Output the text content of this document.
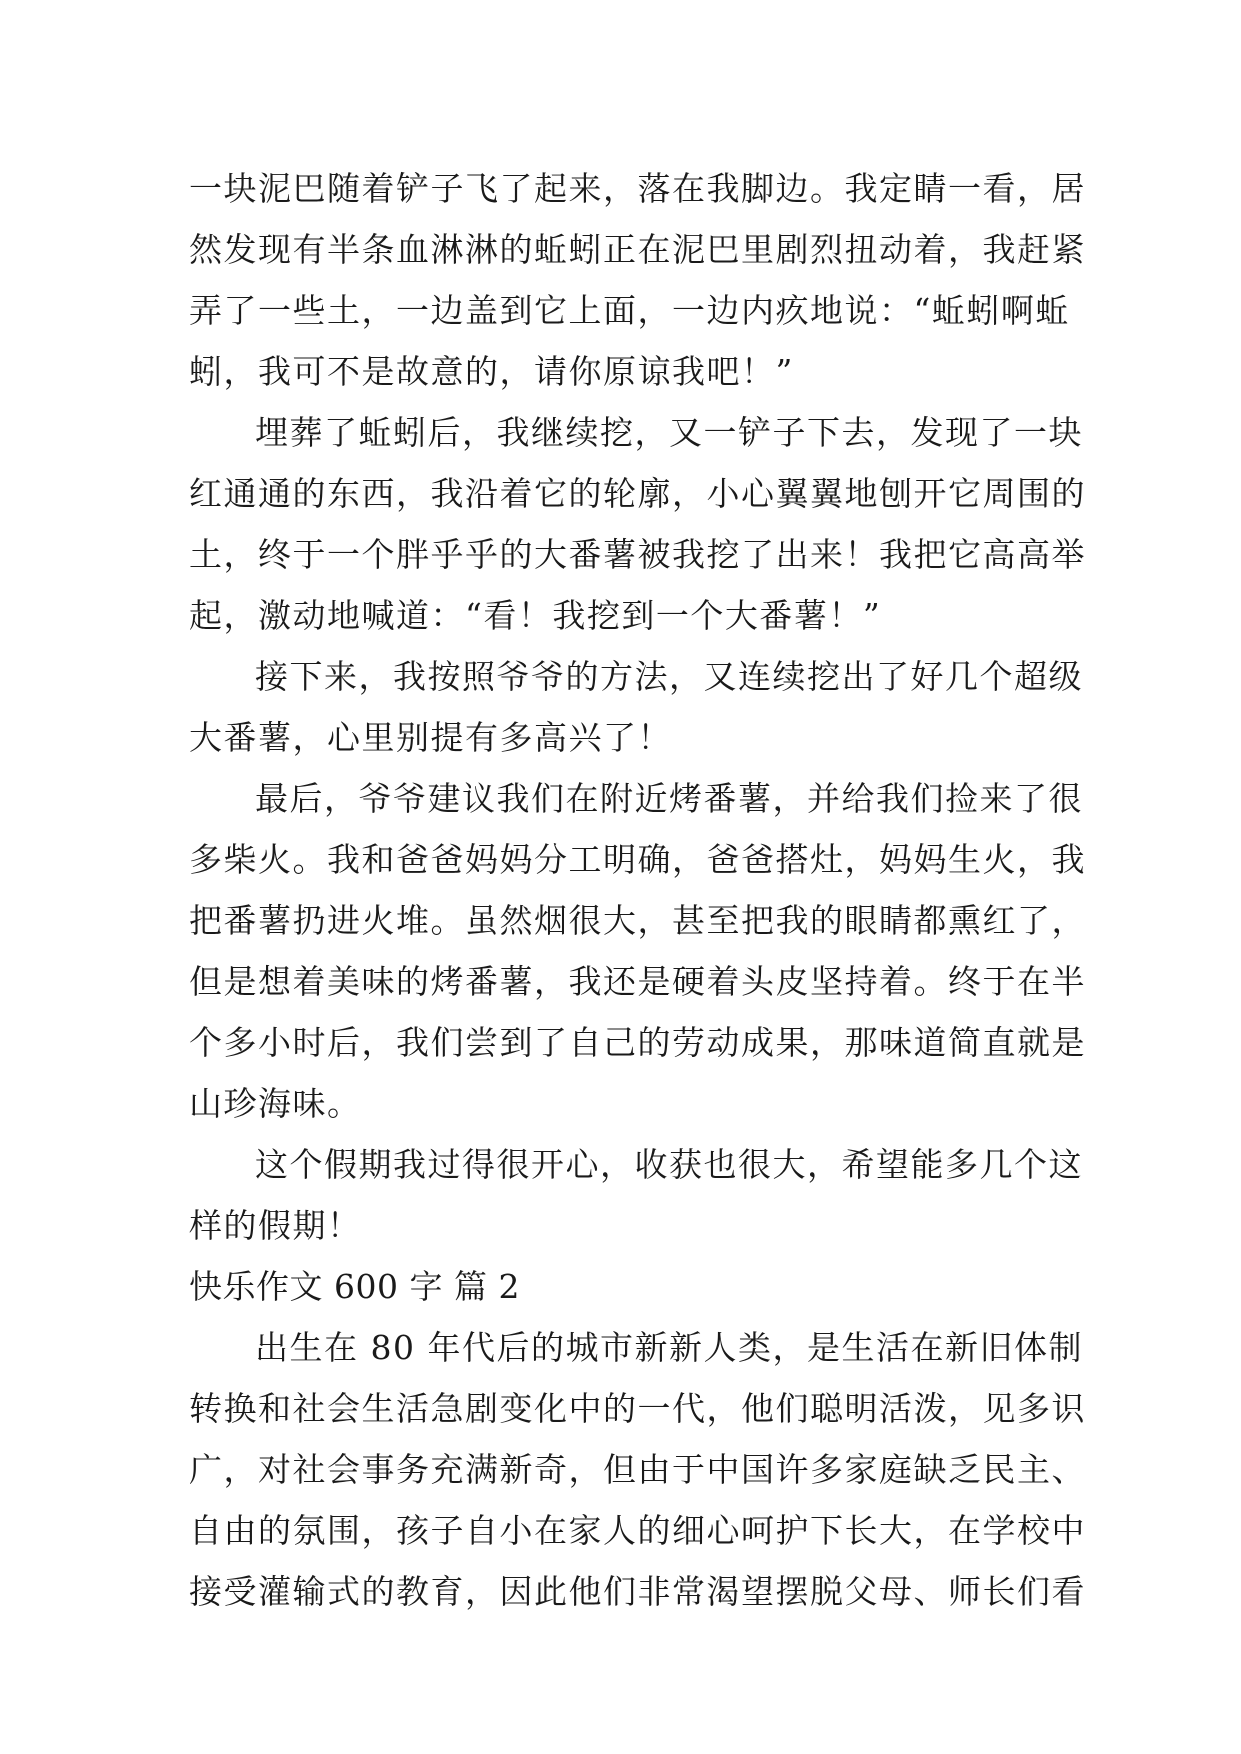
一块泥巴随着铲子飞了起来，落在我脚边。我定睛一看，居
然发现有半条血淋淋的蚯蚓正在泥巴里剧烈扭动着，我赶紧
弄了一些土，一边盖到它上面，一边内疚地说：“蚯蚓啊蚯
蚓，我可不是故意的，请你原谅我吧！”
埋葬了蚯蚓后，我继续挖，又一铲子下去，发现了一块
红通通的东西，我沿着它的轮廓，小心翼翼地刨开它周围的
土，终于一个胖乎乎的大番薯被我挖了出来！我把它高高举
起，激动地喊道：“看！我挖到一个大番薯！”
接下来，我按照爷爷的方法，又连续挖出了好几个超级
大番薯，心里别提有多高兴了！
最后，爷爷建议我们在附近烤番薯，并给我们捡来了很
多柴火。我和爸爸妈妈分工明确，爸爸搭灶，妈妈生火，我
把番薯扔进火堆。虽然烟很大，甚至把我的眼睛都熏红了，
但是想着美味的烤番薯，我还是硬着头皮坚持着。终于在半
个多小时后，我们尝到了自己的劳动成果，那味道简直就是
山珍海味。
这个假期我过得很开心，收获也很大，希望能多几个这
样的假期！
快乐作文 600 字 篇 2
出生在 80 年代后的城市新新人类，是生活在新旧体制
转换和社会生活急剧变化中的一代，他们聪明活泼，见多识
广，对社会事务充满新奇，但由于中国许多家庭缺乏民主、
自由的氛围，孩子自小在家人的细心呵护下长大，在学校中
接受灌输式的教育，因此他们非常渴望摆脱父母、师长们看
